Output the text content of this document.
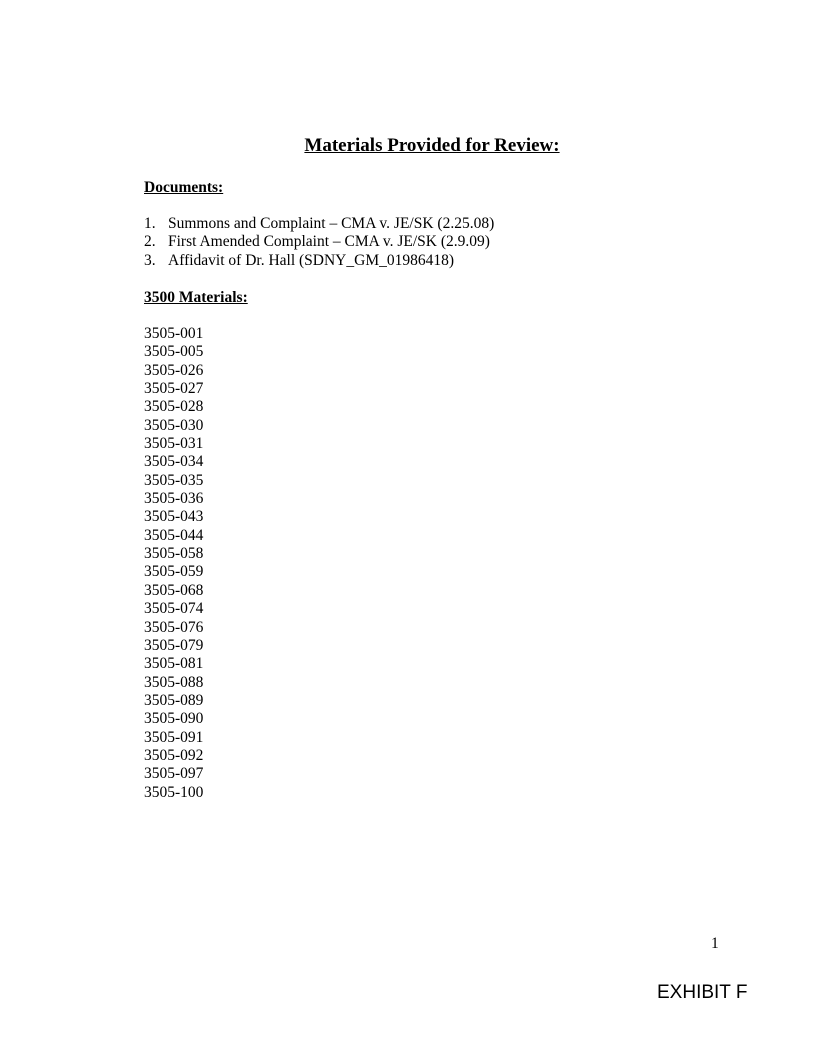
Materials Provided for Review:
Documents:
1. Summons and Complaint – CMA v. JE/SK (2.25.08)
2. First Amended Complaint – CMA v. JE/SK (2.9.09)
3. Affidavit of Dr. Hall (SDNY_GM_01986418)
3500 Materials:
3505-001
3505-005
3505-026
3505-027
3505-028
3505-030
3505-031
3505-034
3505-035
3505-036
3505-043
3505-044
3505-058
3505-059
3505-068
3505-074
3505-076
3505-079
3505-081
3505-088
3505-089
3505-090
3505-091
3505-092
3505-097
3505-100
1
EXHIBIT F
